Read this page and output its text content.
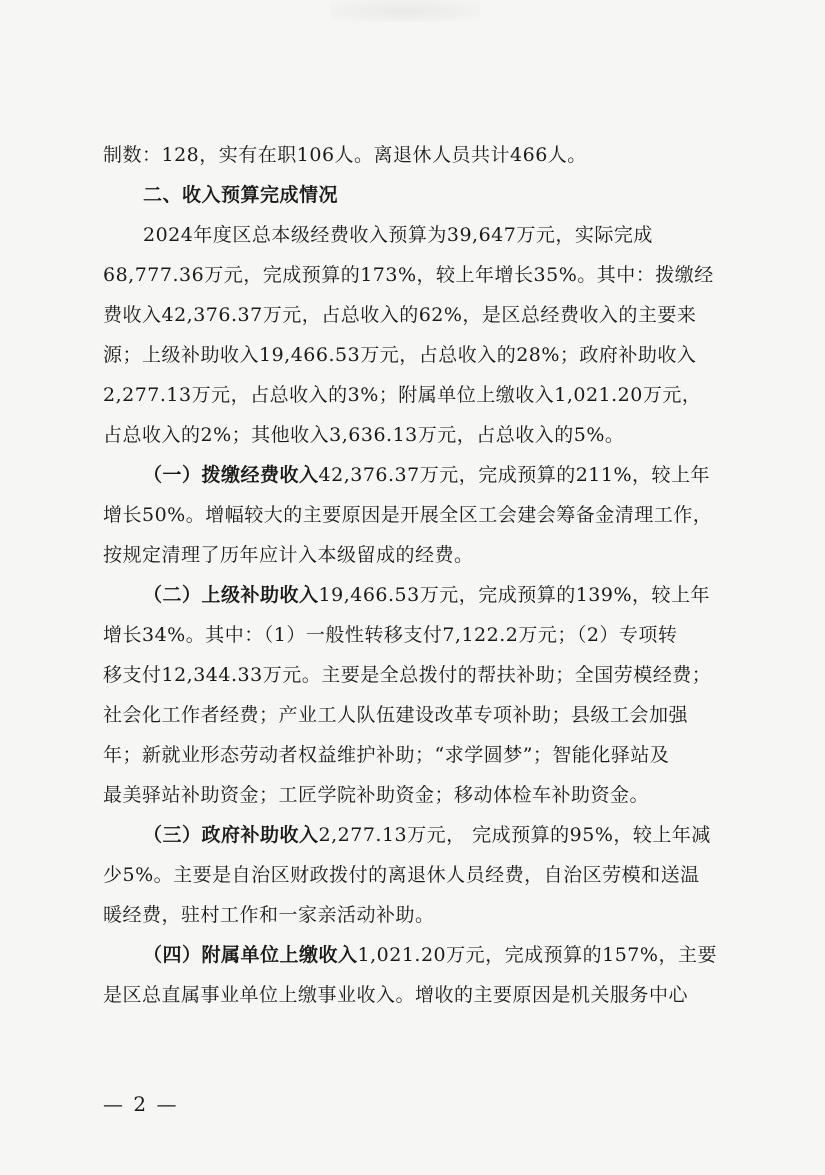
制数：128，实有在职106人。离退休人员共计466人。
二、收入预算完成情况
2024年度区总本级经费收入预算为39,647万元，实际完成
68,777.36万元，完成预算的173%，较上年增长35%。其中：拨缴经
费收入42,376.37万元，占总收入的62%，是区总经费收入的主要来
源；上级补助收入19,466.53万元，占总收入的28%；政府补助收入
2,277.13万元，占总收入的3%；附属单位上缴收入1,021.20万元，
占总收入的2%；其他收入3,636.13万元，占总收入的5%。
增长50%。增幅较大的主要原因是开展全区工会建会筹备金清理工作，
按规定清理了历年应计入本级留成的经费。
增长34%。其中：（1）一般性转移支付7,122.2万元；（2）专项转
移支付12,344.33万元。主要是全总拨付的帮扶补助；全国劳模经费；
社会化工作者经费；产业工人队伍建设改革专项补助；县级工会加强
年；新就业形态劳动者权益维护补助；“求学圆梦”；智能化驿站及
最美驿站补助资金；工匠学院补助资金；移动体检车补助资金。
少5%。主要是自治区财政拨付的离退休人员经费，自治区劳模和送温
暖经费，驻村工作和一家亲活动补助。
是区总直属事业单位上缴事业收入。增收的主要原因是机关服务中心
（一）拨缴经费收入42,376.37万元，完成预算的211%，较上年
（二）上级补助收入19,466.53万元，完成预算的139%，较上年
（三）政府补助收入2,277.13万元， 完成预算的95%，较上年减
（四）附属单位上缴收入1,021.20万元，完成预算的157%，主要
— 2 —
